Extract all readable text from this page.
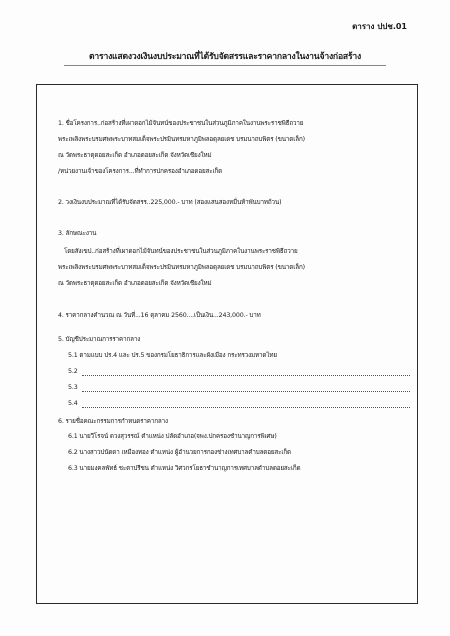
ตาราง ปปช.01
ตารางแสดงวงเงินงบประมาณที่ได้รับจัดสรรและราคากลางในงานจ้างก่อสร้าง
1. ชื่อโครงการ..ก่อสร้างที่เผาดอกไม้จันทน์ของประชาชนในส่วนภูมิภาคในงานพระราชพิธีถวาย
พระเพลิงพระบรมศพพระบาทสมเด็จพระปรมินทรมหาภูมิพลอดุลยเดช บรมนาถบพิตร (ขนาดเล็ก)
ณ วัดพระธาตุดอยสะเก็ด อำเภอดอยสะเก็ด จังหวัดเชียงใหม่
/หน่วยงานเจ้าของโครงการ...ที่ทำการปกครองอำเภอดอยสะเก็ด
2. วงเงินงบประมาณที่ได้รับจัดสรร..225,000.- บาท (สองแสนสองหมื่นห้าพันบาทถ้วน)
3. ลักษณะงาน
โดยสังเขป..ก่อสร้างที่เผาดอกไม้จันทน์ของประชาชนในส่วนภูมิภาคในงานพระราชพิธีถวาย
พระเพลิงพระบรมศพพระบาทสมเด็จพระปรมินทรมหาภูมิพลอดุลยเดช บรมนาถบพิตร (ขนาดเล็ก)
ณ วัดพระธาตุดอยสะเก็ด อำเภอดอยสะเก็ด จังหวัดเชียงใหม่
4. ราคากลางคำนวณ ณ วันที่...16 ตุลาคม 2560....เป็นเงิน...243,000.- บาท
5. บัญชีประมาณการราคากลาง
5.1 ตามแบบ ปร.4 และ ปร.5 ของกรมโยธาธิการและผังเมือง กระทรวงมหาดไทย
5.2
5.3
5.4
6. รายชื่อคณะกรรมการกำหนดราคากลาง
6.1 นายวีโรจน์ ดวงสุวรรณ์ ตำแหน่ง ปลัดอำเภอ(จพง.ปกครองชำนาญการพิเศษ)
6.2 นางสาวปนัดดา เหมืองทอง ตำแหน่ง ผู้อำนวยการกองช่างเทศบาลตำบลดอยสะเก็ด
6.3 นายมงคลพัทธ์ ชะตาปรีชน ตำแหน่ง วิศวกรโยธาชำนาญการเทศบาลตำบลดอยสะเก็ด
